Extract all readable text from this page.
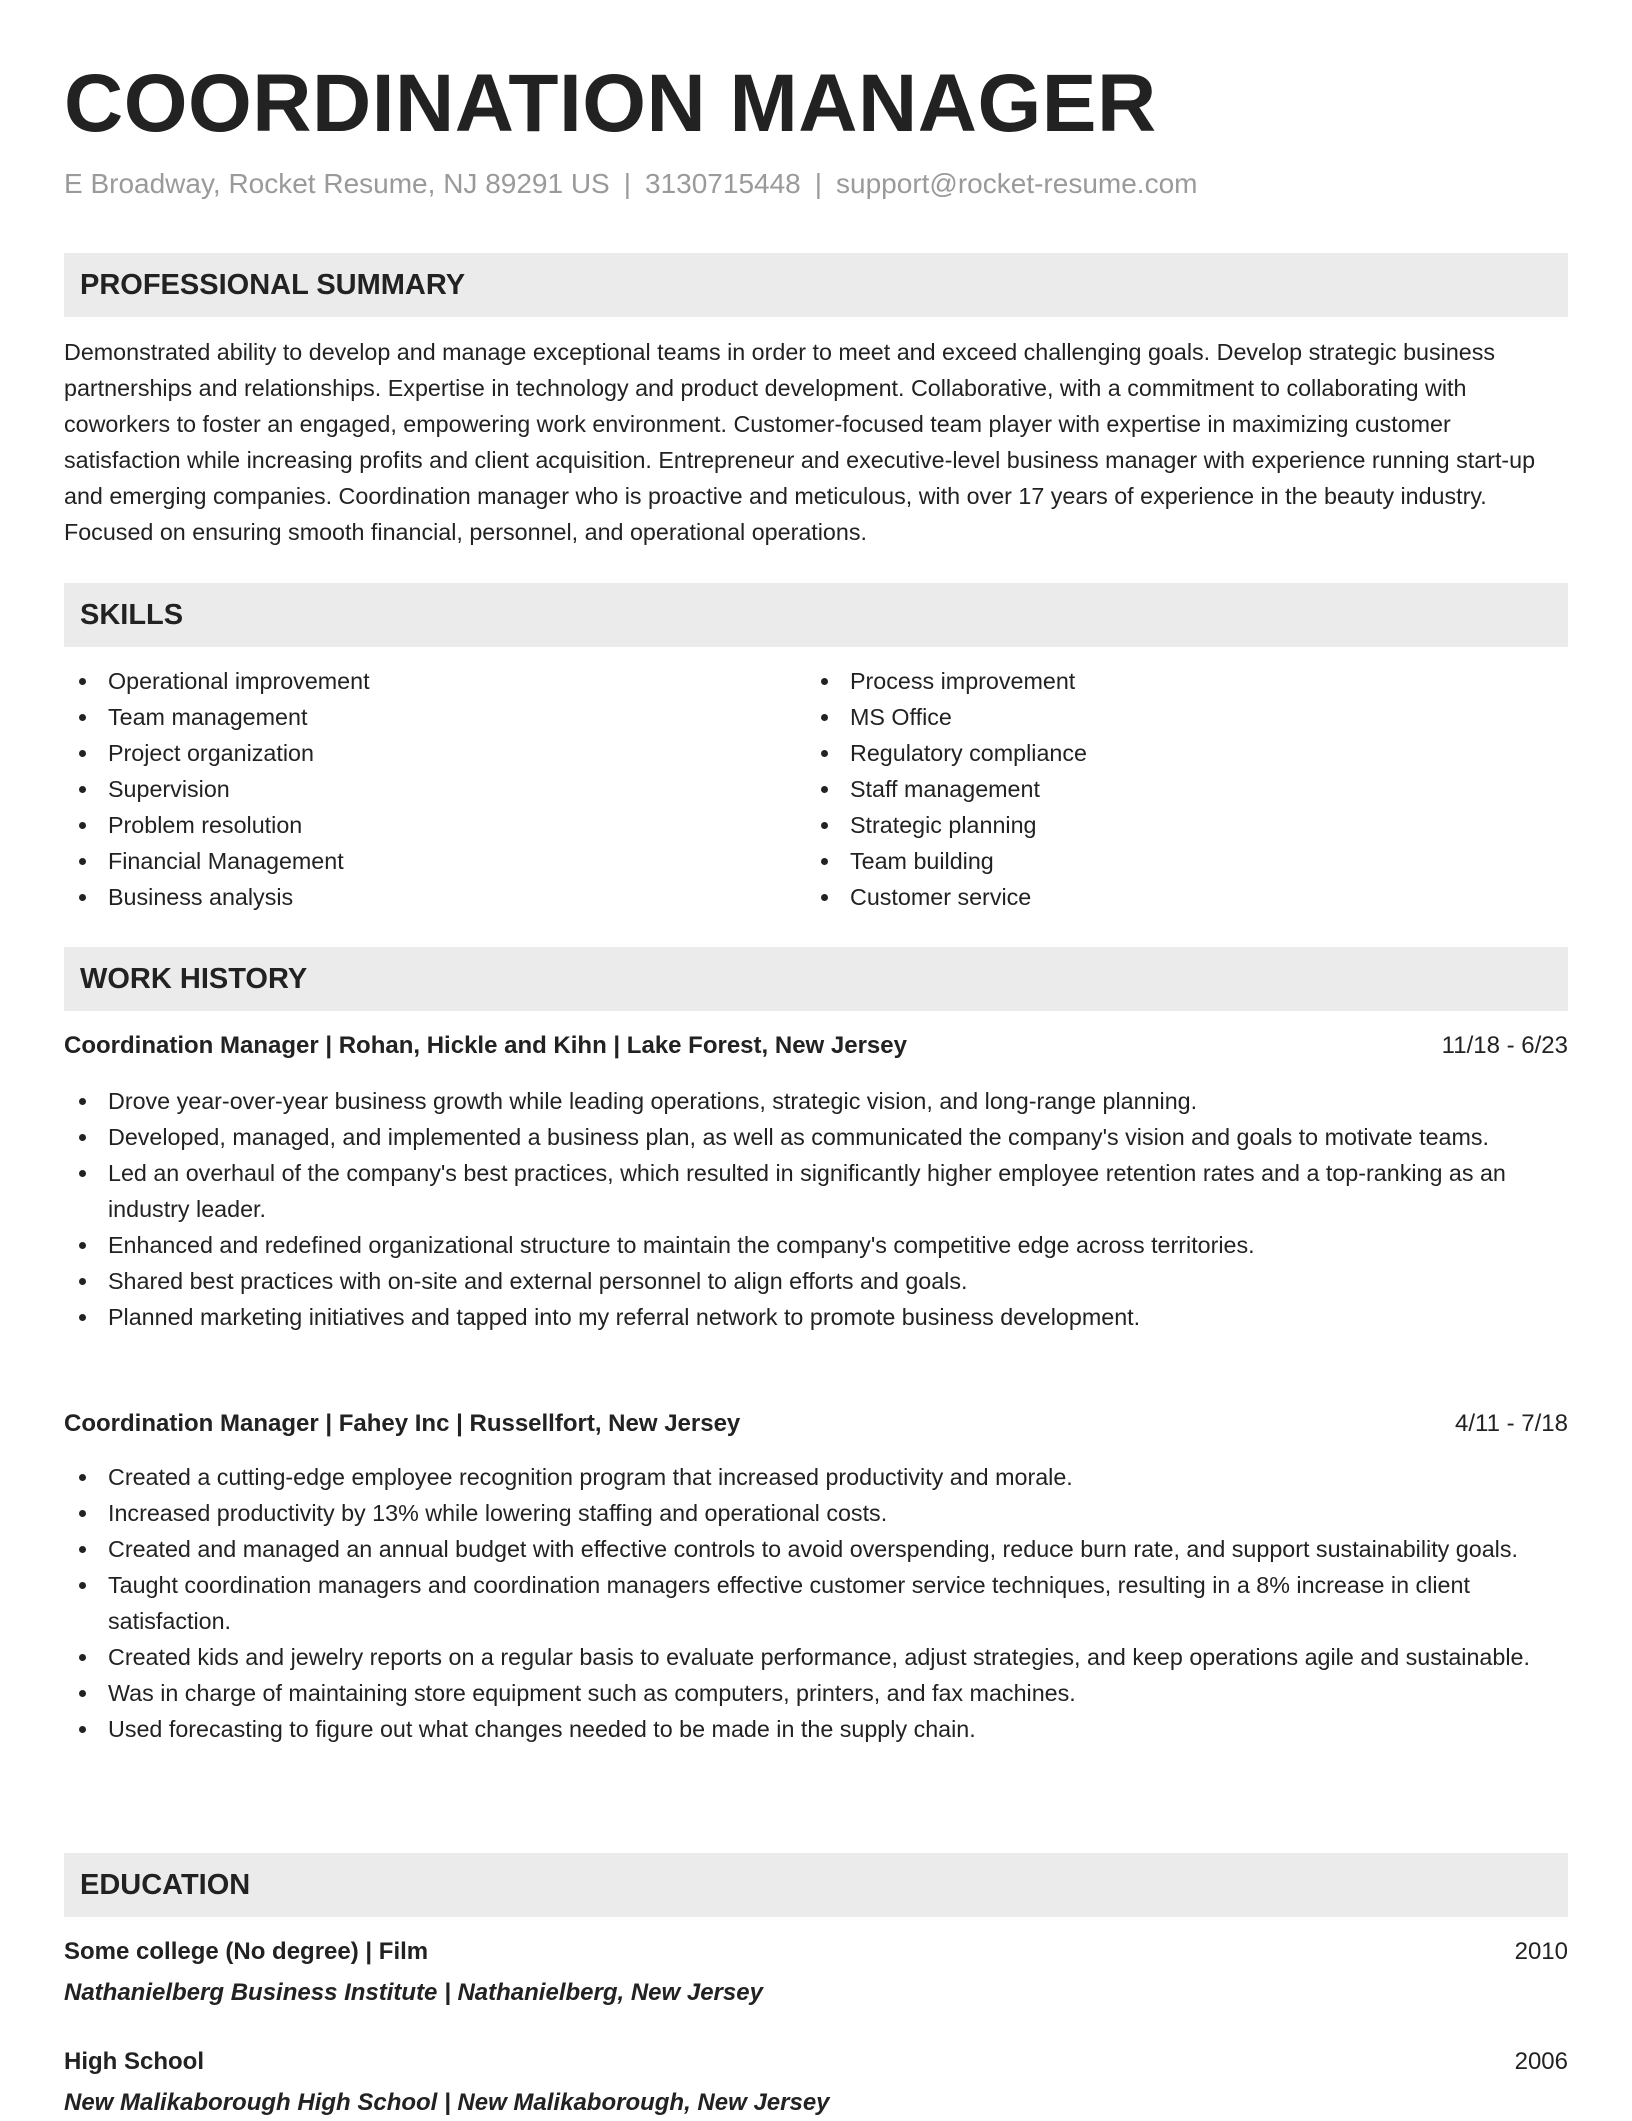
COORDINATION MANAGER
E Broadway, Rocket Resume, NJ 89291 US | 3130715448 | support@rocket-resume.com
PROFESSIONAL SUMMARY

Demonstrated ability to develop and manage exceptional teams in order to meet and exceed challenging goals. Develop strategic business partnerships and relationships. Expertise in technology and product development. Collaborative, with a commitment to collaborating with coworkers to foster an engaged, empowering work environment. Customer-focused team player with expertise in maximizing customer satisfaction while increasing profits and client acquisition. Entrepreneur and executive-level business manager with experience running start-up and emerging companies. Coordination manager who is proactive and meticulous, with over 17 years of experience in the beauty industry. Focused on ensuring smooth financial, personnel, and operational operations.

SKILLS
Operational improvement
Team management
Project organization
Supervision
Problem resolution
Financial Management
Business analysis
Process improvement
MS Office
Regulatory compliance
Staff management
Strategic planning
Team building
Customer service
WORK HISTORY
Coordination Manager | Rohan, Hickle and Kihn | Lake Forest, New Jersey	11/18 - 6/23
Drove year-over-year business growth while leading operations, strategic vision, and long-range planning.
Developed, managed, and implemented a business plan, as well as communicated the company's vision and goals to motivate teams.
Led an overhaul of the company's best practices, which resulted in significantly higher employee retention rates and a top-ranking as an industry leader.
Enhanced and redefined organizational structure to maintain the company's competitive edge across territories.
Shared best practices with on-site and external personnel to align efforts and goals.
Planned marketing initiatives and tapped into my referral network to promote business development.
Coordination Manager | Fahey Inc | Russellfort, New Jersey	4/11 - 7/18
Created a cutting-edge employee recognition program that increased productivity and morale.
Increased productivity by 13% while lowering staffing and operational costs.
Created and managed an annual budget with effective controls to avoid overspending, reduce burn rate, and support sustainability goals.
Taught coordination managers and coordination managers effective customer service techniques, resulting in a 8% increase in client satisfaction.
Created kids and jewelry reports on a regular basis to evaluate performance, adjust strategies, and keep operations agile and sustainable.
Was in charge of maintaining store equipment such as computers, printers, and fax machines.
Used forecasting to figure out what changes needed to be made in the supply chain.
EDUCATION
Some college (No degree) | Film	2010
Nathanielberg Business Institute | Nathanielberg, New Jersey
High School	2006
New Malikaborough High School | New Malikaborough, New Jersey
